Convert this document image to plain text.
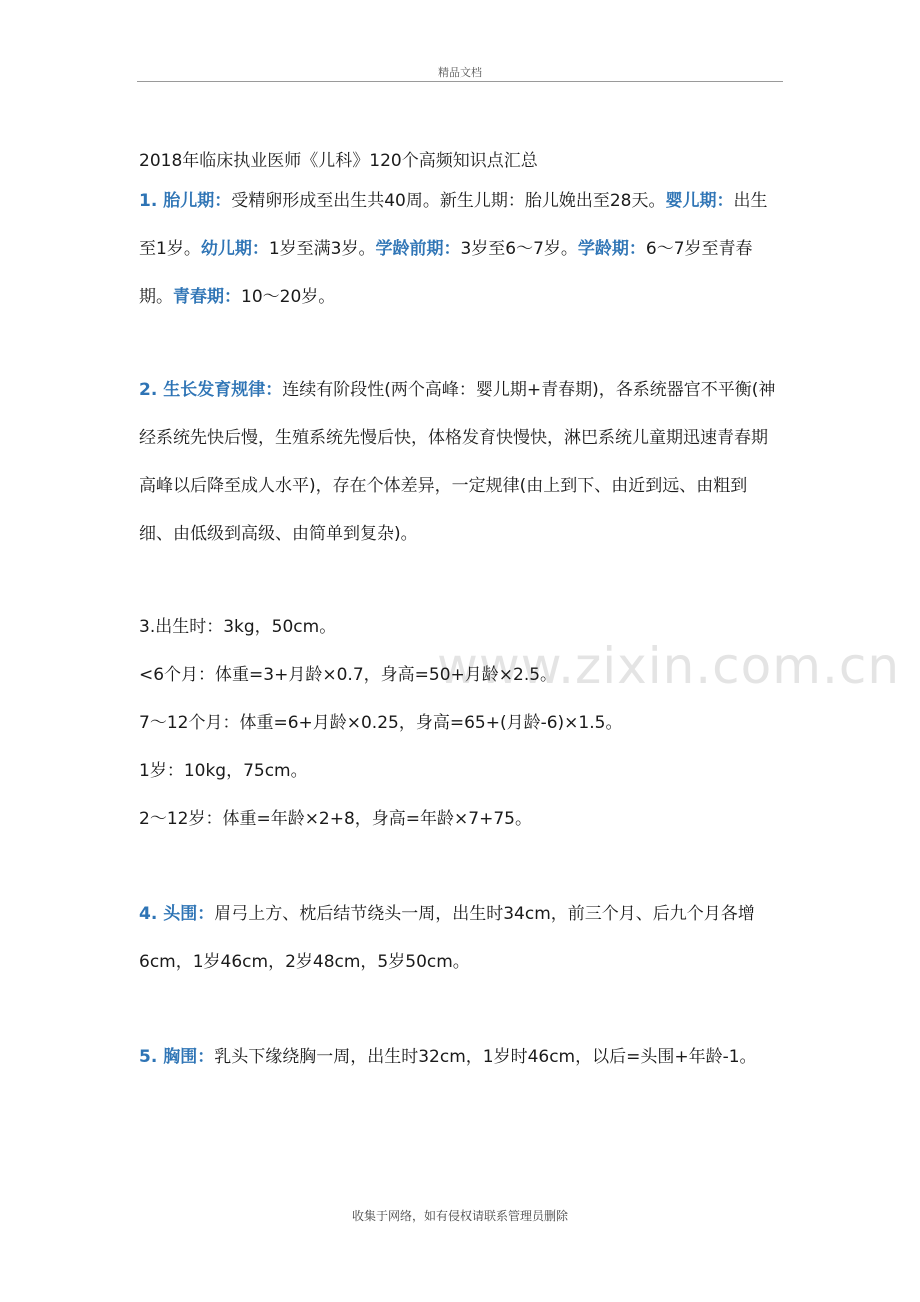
精品文档
www.zixin.com.cn
2018年临床执业医师《儿科》120个高频知识点汇总

1. 胎儿期：受精卵形成至出生共40周。新生儿期：胎儿娩出至28天。婴儿期：出生至1岁。幼儿期：1岁至满3岁。学龄前期：3岁至6～7岁。学龄期：6～7岁至青春期。青春期：10～20岁。

2. 生长发育规律：连续有阶段性(两个高峰：婴儿期+青春期)，各系统器官不平衡(神经系统先快后慢，生殖系统先慢后快，体格发育快慢快，淋巴系统儿童期迅速青春期高峰以后降至成人水平)，存在个体差异，一定规律(由上到下、由近到远、由粗到细、由低级到高级、由简单到复杂)。

3.出生时：3kg，50cm。

<6个月：体重=3+月龄×0.7，身高=50+月龄×2.5。

7～12个月：体重=6+月龄×0.25，身高=65+(月龄-6)×1.5。

1岁：10kg，75cm。

2～12岁：体重=年龄×2+8，身高=年龄×7+75。

4. 头围：眉弓上方、枕后结节绕头一周，出生时34cm，前三个月、后九个月各增6cm，1岁46cm，2岁48cm，5岁50cm。

5. 胸围：乳头下缘绕胸一周，出生时32cm，1岁时46cm，以后=头围+年龄-1。

收集于网络，如有侵权请联系管理员删除
